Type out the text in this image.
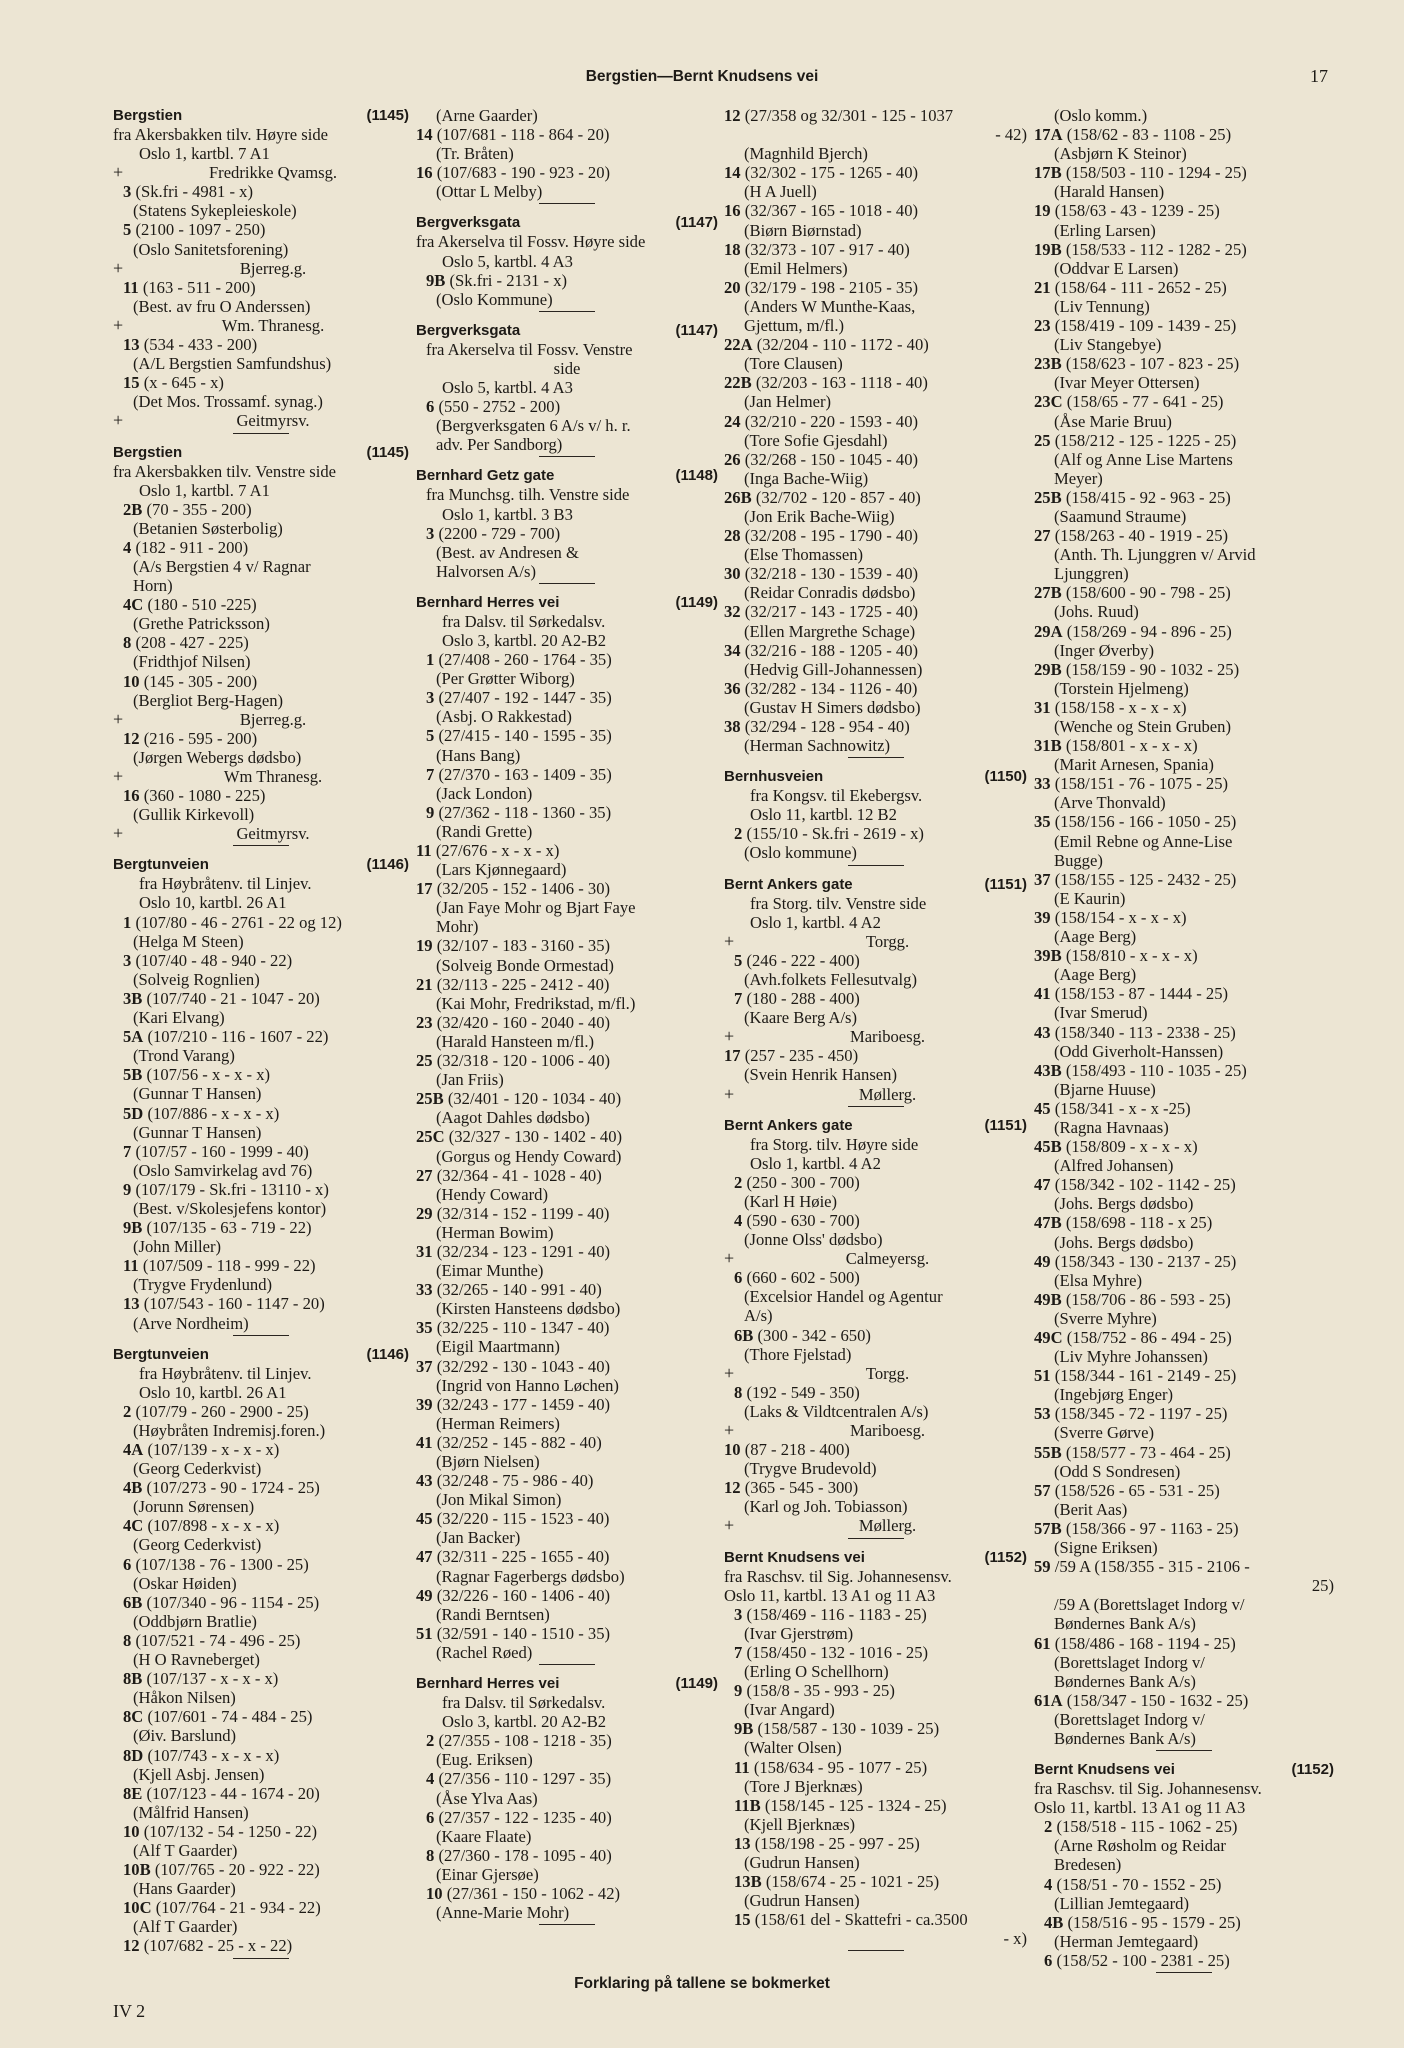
Bergstien—Bernt Knudsens vei	17
Bergstien	(1145)
fra Akersbakken tilv. Høyre side
Oslo 1, kartbl. 7 A1
+	Fredrikke Qvamsg.
3 (Sk.fri - 4981 - x)
(Statens Sykepleieskole)
5 (2100 - 1097 - 250)
(Oslo Sanitetsforening)
+	Bjerreg.g.
11 (163 - 511 - 200)
(Best. av fru O Anderssen)
+	Wm. Thranesg.
13 (534 - 433 - 200)
(A/L Bergstien Samfundshus)
15 (x - 645 - x)
(Det Mos. Trossamf. synag.)
+	Geitmyrsv.
Bergstien	(1145)
fra Akersbakken tilv. Venstre side
Oslo 1, kartbl. 7 A1
2B (70 - 355 - 200)
(Betanien Søsterbolig)
4 (182 - 911 - 200)
(A/s Bergstien 4 v/ Ragnar
Horn)
4C (180 - 510 -225)
(Grethe Patricksson)
8 (208 - 427 - 225)
(Fridthjof Nilsen)
10 (145 - 305 - 200)
(Bergliot Berg-Hagen)
+	Bjerreg.g.
12 (216 - 595 - 200)
(Jørgen Webergs dødsbo)
+	Wm Thranesg.
16 (360 - 1080 - 225)
(Gullik Kirkevoll)
+	Geitmyrsv.
Bergtunveien	(1146)
fra Høybråtenv. til Linjev.
Oslo 10, kartbl. 26 A1
1 (107/80 - 46 - 2761 - 22 og 12)
(Helga M Steen)
3 (107/40 - 48 - 940 - 22)
(Solveig Rognlien)
3B (107/740 - 21 - 1047 - 20)
(Kari Elvang)
5A (107/210 - 116 - 1607 - 22)
(Trond Varang)
5B (107/56 - x - x - x)
(Gunnar T Hansen)
5D (107/886 - x - x - x)
(Gunnar T Hansen)
7 (107/57 - 160 - 1999 - 40)
(Oslo Samvirkelag avd 76)
9 (107/179 - Sk.fri - 13110 - x)
(Best. v/Skolesjefens kontor)
9B (107/135 - 63 - 719 - 22)
(John Miller)
11 (107/509 - 118 - 999 - 22)
(Trygve Frydenlund)
13 (107/543 - 160 - 1147 - 20)
(Arve Nordheim)
Bergtunveien	(1146)
fra Høybråtenv. til Linjev.
Oslo 10, kartbl. 26 A1
2 (107/79 - 260 - 2900 - 25)
(Høybråten Indremisj.foren.)
4A (107/139 - x - x - x)
(Georg Cederkvist)
4B (107/273 - 90 - 1724 - 25)
(Jorunn Sørensen)
4C (107/898 - x - x - x)
(Georg Cederkvist)
6 (107/138 - 76 - 1300 - 25)
(Oskar Høiden)
6B (107/340 - 96 - 1154 - 25)
(Oddbjørn Bratlie)
8 (107/521 - 74 - 496 - 25)
(H O Ravneberget)
8B (107/137 - x - x - x)
(Håkon Nilsen)
8C (107/601 - 74 - 484 - 25)
(Øiv. Barslund)
8D (107/743 - x - x - x)
(Kjell Asbj. Jensen)
8E (107/123 - 44 - 1674 - 20)
(Målfrid Hansen)
10 (107/132 - 54 - 1250 - 22)
(Alf T Gaarder)
10B (107/765 - 20 - 922 - 22)
(Hans Gaarder)
10C (107/764 - 21 - 934 - 22)
(Alf T Gaarder)
12 (107/682 - 25 - x - 22)
(Arne Gaarder)
14 (107/681 - 118 - 864 - 20)
(Tr. Bråten)
16 (107/683 - 190 - 923 - 20)
(Ottar L Melby)
Bergverksgata	(1147)
fra Akerselva til Fossv. Høyre side
Oslo 5, kartbl. 4 A3
9B (Sk.fri - 2131 - x)
(Oslo Kommune)
Bergverksgata	(1147)
fra Akerselva til Fossv. Venstre
side
Oslo 5, kartbl. 4 A3
6 (550 - 2752 - 200)
(Bergverksgaten 6 A/s v/ h. r.
adv. Per Sandborg)
Bernhard Getz gate	(1148)
fra Munchsg. tilh. Venstre side
Oslo 1, kartbl. 3 B3
3 (2200 - 729 - 700)
(Best. av Andresen &
Halvorsen A/s)
Bernhard Herres vei	(1149)
fra Dalsv. til Sørkedalsv.
Oslo 3, kartbl. 20 A2-B2
1 (27/408 - 260 - 1764 - 35)
(Per Grøtter Wiborg)
3 (27/407 - 192 - 1447 - 35)
(Asbj. O Rakkestad)
5 (27/415 - 140 - 1595 - 35)
(Hans Bang)
7 (27/370 - 163 - 1409 - 35)
(Jack London)
9 (27/362 - 118 - 1360 - 35)
(Randi Grette)
11 (27/676 - x - x - x)
(Lars Kjønnegaard)
17 (32/205 - 152 - 1406 - 30)
(Jan Faye Mohr og Bjart Faye
Mohr)
19 (32/107 - 183 - 3160 - 35)
(Solveig Bonde Ormestad)
21 (32/113 - 225 - 2412 - 40)
(Kai Mohr, Fredrikstad, m/fl.)
23 (32/420 - 160 - 2040 - 40)
(Harald Hansteen m/fl.)
25 (32/318 - 120 - 1006 - 40)
(Jan Friis)
25B (32/401 - 120 - 1034 - 40)
(Aagot Dahles dødsbo)
25C (32/327 - 130 - 1402 - 40)
(Gorgus og Hendy Coward)
27 (32/364 - 41 - 1028 - 40)
(Hendy Coward)
29 (32/314 - 152 - 1199 - 40)
(Herman Bowim)
31 (32/234 - 123 - 1291 - 40)
(Eimar Munthe)
33 (32/265 - 140 - 991 - 40)
(Kirsten Hansteens dødsbo)
35 (32/225 - 110 - 1347 - 40)
(Eigil Maartmann)
37 (32/292 - 130 - 1043 - 40)
(Ingrid von Hanno Løchen)
39 (32/243 - 177 - 1459 - 40)
(Herman Reimers)
41 (32/252 - 145 - 882 - 40)
(Bjørn Nielsen)
43 (32/248 - 75 - 986 - 40)
(Jon Mikal Simon)
45 (32/220 - 115 - 1523 - 40)
(Jan Backer)
47 (32/311 - 225 - 1655 - 40)
(Ragnar Fagerbergs dødsbo)
49 (32/226 - 160 - 1406 - 40)
(Randi Berntsen)
51 (32/591 - 140 - 1510 - 35)
(Rachel Røed)
Bernhard Herres vei	(1149)
fra Dalsv. til Sørkedalsv.
Oslo 3, kartbl. 20 A2-B2
2 (27/355 - 108 - 1218 - 35)
(Eug. Eriksen)
4 (27/356 - 110 - 1297 - 35)
(Åse Ylva Aas)
6 (27/357 - 122 - 1235 - 40)
(Kaare Flaate)
8 (27/360 - 178 - 1095 - 40)
(Einar Gjersøe)
10 (27/361 - 150 - 1062 - 42)
(Anne-Marie Mohr)
12 (27/358 og 32/301 - 125 - 1037
- 42)
(Magnhild Bjerch)
14 (32/302 - 175 - 1265 - 40)
(H A Juell)
16 (32/367 - 165 - 1018 - 40)
(Biørn Biørnstad)
18 (32/373 - 107 - 917 - 40)
(Emil Helmers)
20 (32/179 - 198 - 2105 - 35)
(Anders W Munthe-Kaas,
Gjettum, m/fl.)
22A (32/204 - 110 - 1172 - 40)
(Tore Clausen)
22B (32/203 - 163 - 1118 - 40)
(Jan Helmer)
24 (32/210 - 220 - 1593 - 40)
(Tore Sofie Gjesdahl)
26 (32/268 - 150 - 1045 - 40)
(Inga Bache-Wiig)
26B (32/702 - 120 - 857 - 40)
(Jon Erik Bache-Wiig)
28 (32/208 - 195 - 1790 - 40)
(Else Thomassen)
30 (32/218 - 130 - 1539 - 40)
(Reidar Conradis dødsbo)
32 (32/217 - 143 - 1725 - 40)
(Ellen Margrethe Schage)
34 (32/216 - 188 - 1205 - 40)
(Hedvig Gill-Johannessen)
36 (32/282 - 134 - 1126 - 40)
(Gustav H Simers dødsbo)
38 (32/294 - 128 - 954 - 40)
(Herman Sachnowitz)
Bernhusveien	(1150)
fra Kongsv. til Ekebergsv.
Oslo 11, kartbl. 12 B2
2 (155/10 - Sk.fri - 2619 - x)
(Oslo kommune)
Bernt Ankers gate	(1151)
fra Storg. tilv. Venstre side
Oslo 1, kartbl. 4 A2
+	Torgg.
5 (246 - 222 - 400)
(Avh.folkets Fellesutvalg)
7 (180 - 288 - 400)
(Kaare Berg A/s)
+	Mariboesg.
17 (257 - 235 - 450)
(Svein Henrik Hansen)
+	Møllerg.
Bernt Ankers gate	(1151)
fra Storg. tilv. Høyre side
Oslo 1, kartbl. 4 A2
2 (250 - 300 - 700)
(Karl H Høie)
4 (590 - 630 - 700)
(Jonne Olss' dødsbo)
+	Calmeyersg.
6 (660 - 602 - 500)
(Excelsior Handel og Agentur
A/s)
6B (300 - 342 - 650)
(Thore Fjelstad)
+	Torgg.
8 (192 - 549 - 350)
(Laks & Vildtcentralen A/s)
+	Mariboesg.
10 (87 - 218 - 400)
(Trygve Brudevold)
12 (365 - 545 - 300)
(Karl og Joh. Tobiasson)
+	Møllerg.
Bernt Knudsens vei	(1152)
fra Raschsv. til Sig. Johannesensv.
Oslo 11, kartbl. 13 A1 og 11 A3
3 (158/469 - 116 - 1183 - 25)
(Ivar Gjerstrøm)
7 (158/450 - 132 - 1016 - 25)
(Erling O Schellhorn)
9 (158/8 - 35 - 993 - 25)
(Ivar Angard)
9B (158/587 - 130 - 1039 - 25)
(Walter Olsen)
11 (158/634 - 95 - 1077 - 25)
(Tore J Bjerknæs)
11B (158/145 - 125 - 1324 - 25)
(Kjell Bjerknæs)
13 (158/198 - 25 - 997 - 25)
(Gudrun Hansen)
13B (158/674 - 25 - 1021 - 25)
(Gudrun Hansen)
15 (158/61 del - Skattefri - ca.3500
- x)
(Oslo komm.)
17A (158/62 - 83 - 1108 - 25)
(Asbjørn K Steinor)
17B (158/503 - 110 - 1294 - 25)
(Harald Hansen)
19 (158/63 - 43 - 1239 - 25)
(Erling Larsen)
19B (158/533 - 112 - 1282 - 25)
(Oddvar E Larsen)
21 (158/64 - 111 - 2652 - 25)
(Liv Tennung)
23 (158/419 - 109 - 1439 - 25)
(Liv Stangebye)
23B (158/623 - 107 - 823 - 25)
(Ivar Meyer Ottersen)
23C (158/65 - 77 - 641 - 25)
(Åse Marie Bruu)
25 (158/212 - 125 - 1225 - 25)
(Alf og Anne Lise Martens
Meyer)
25B (158/415 - 92 - 963 - 25)
(Saamund Straume)
27 (158/263 - 40 - 1919 - 25)
(Anth. Th. Ljunggren v/ Arvid
Ljunggren)
27B (158/600 - 90 - 798 - 25)
(Johs. Ruud)
29A (158/269 - 94 - 896 - 25)
(Inger Øverby)
29B (158/159 - 90 - 1032 - 25)
(Torstein Hjelmeng)
31 (158/158 - x - x - x)
(Wenche og Stein Gruben)
31B (158/801 - x - x - x)
(Marit Arnesen, Spania)
33 (158/151 - 76 - 1075 - 25)
(Arve Thonvald)
35 (158/156 - 166 - 1050 - 25)
(Emil Rebne og Anne-Lise
Bugge)
37 (158/155 - 125 - 2432 - 25)
(E Kaurin)
39 (158/154 - x - x - x)
(Aage Berg)
39B (158/810 - x - x - x)
(Aage Berg)
41 (158/153 - 87 - 1444 - 25)
(Ivar Smerud)
43 (158/340 - 113 - 2338 - 25)
(Odd Giverholt-Hanssen)
43B (158/493 - 110 - 1035 - 25)
(Bjarne Huuse)
45 (158/341 - x - x -25)
(Ragna Havnaas)
45B (158/809 - x - x - x)
(Alfred Johansen)
47 (158/342 - 102 - 1142 - 25)
(Johs. Bergs dødsbo)
47B (158/698 - 118 - x 25)
(Johs. Bergs dødsbo)
49 (158/343 - 130 - 2137 - 25)
(Elsa Myhre)
49B (158/706 - 86 - 593 - 25)
(Sverre Myhre)
49C (158/752 - 86 - 494 - 25)
(Liv Myhre Johanssen)
51 (158/344 - 161 - 2149 - 25)
(Ingebjørg Enger)
53 (158/345 - 72 - 1197 - 25)
(Sverre Gørve)
55B (158/577 - 73 - 464 - 25)
(Odd S Sondresen)
57 (158/526 - 65 - 531 - 25)
(Berit Aas)
57B (158/366 - 97 - 1163 - 25)
(Signe Eriksen)
59 /59 A (158/355 - 315 - 2106 -
25)
/59 A (Borettslaget Indorg v/
Bøndernes Bank A/s)
61 (158/486 - 168 - 1194 - 25)
(Borettslaget Indorg v/
Bøndernes Bank A/s)
61A (158/347 - 150 - 1632 - 25)
(Borettslaget Indorg v/
Bøndernes Bank A/s)
Bernt Knudsens vei	(1152)
fra Raschsv. til Sig. Johannesensv.
Oslo 11, kartbl. 13 A1 og 11 A3
2 (158/518 - 115 - 1062 - 25)
(Arne Røsholm og Reidar
Bredesen)
4 (158/51 - 70 - 1552 - 25)
(Lillian Jemtegaard)
4B (158/516 - 95 - 1579 - 25)
(Herman Jemtegaard)
6 (158/52 - 100 - 2381 - 25)
Forklaring på tallene se bokmerket
IV 2
